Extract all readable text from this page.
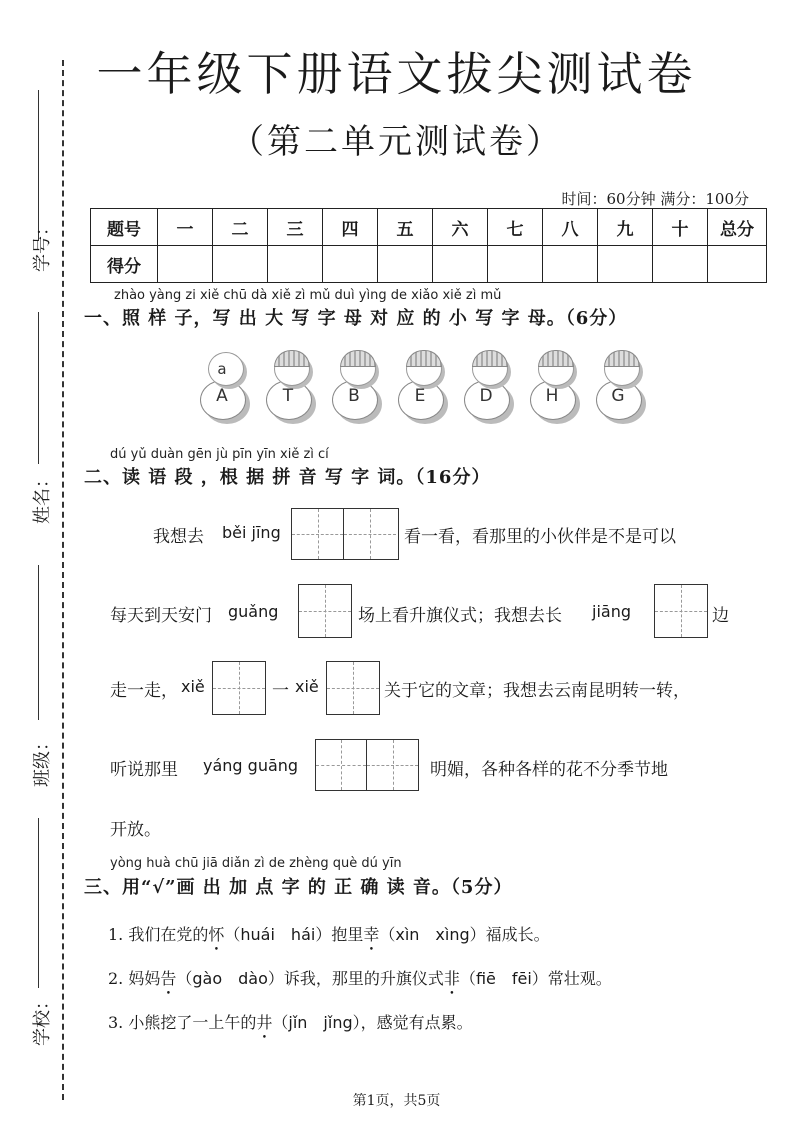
学号：
姓名：
班级：
学校：
一年级下册语文拔尖测试卷
（第二单元测试卷）
时间：60分钟 满分：100分
题号	一	二	三	四	五	六	七	八	九	十	总分
得分											
zhào yàng zi xiě chū dà xiě zì mǔ duì yìng de xiǎo xiě zì mǔ
一、照 样 子，写 出 大 写 字 母 对 应 的 小 写 字 母。（6分）
a
A	T	B	E	D	H	G
dú yǔ duàn gēn jù pīn yīn xiě zì cí
二、读 语 段 ，根 据 拼 音 写 字 词。（16分）
我想去 běi jīng	看一看，看那里的小伙伴是不是可以
每天到天安门 guǎng	场上看升旗仪式；我想去长 jiāng	边
走一走， xiě	一 xiě	关于它的文章；我想去云南昆明转一转，
听说那里 yáng guāng	明媚，各种各样的花不分季节地
开放。
yòng huà chū jiā diǎn zì de zhèng què dú yīn
三、用“√”画 出 加 点 字 的 正 确 读 音。（5分）
1. 我们在党的怀（huái　hái）抱里幸（xìn　xìng）福成长。
2. 妈妈告（gào　dào）诉我，那里的升旗仪式非（fiē　fēi）常壮观。
3. 小熊挖了一上午的井（jǐn　jǐng），感觉有点累。
第1页，共5页
